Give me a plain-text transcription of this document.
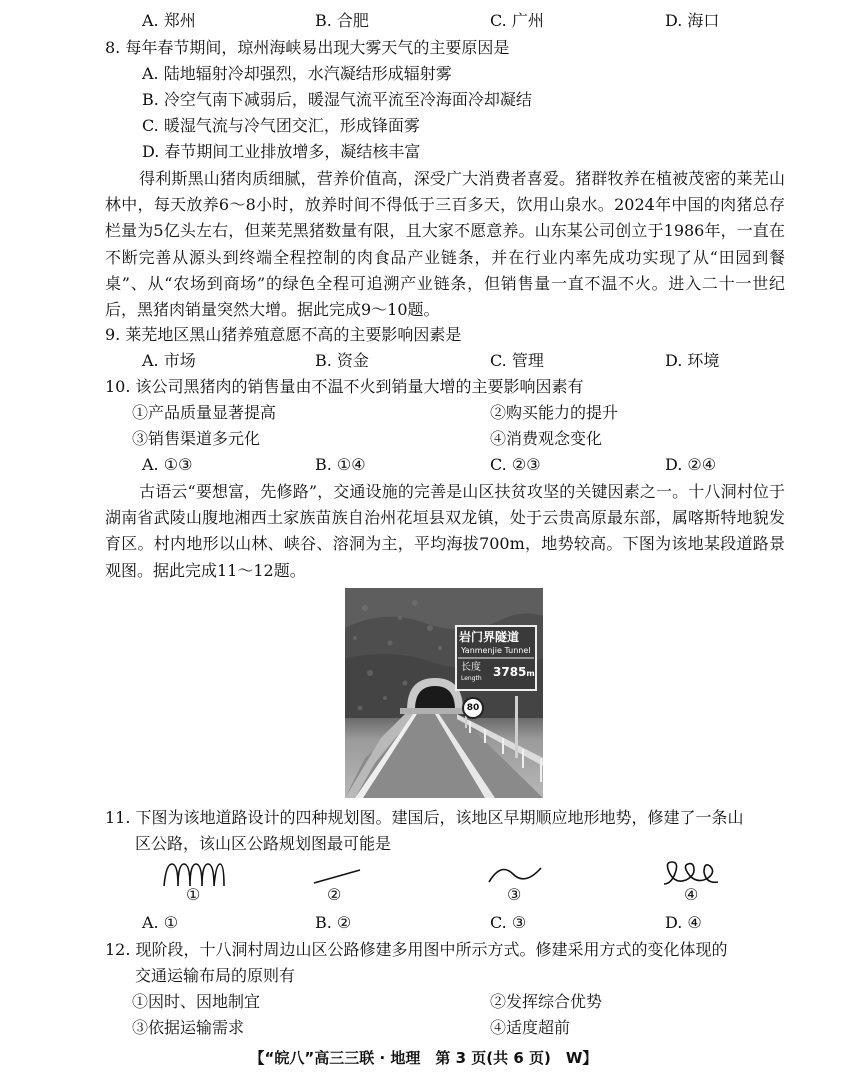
A. 郑州	B. 合肥	C. 广州	D. 海口
8. 每年春节期间，琼州海峡易出现大雾天气的主要原因是
A. 陆地辐射冷却强烈，水汽凝结形成辐射雾
B. 冷空气南下减弱后，暖湿气流平流至冷海面冷却凝结
C. 暖湿气流与冷气团交汇，形成锋面雾
D. 春节期间工业排放增多，凝结核丰富
得利斯黑山猪肉质细腻，营养价值高，深受广大消费者喜爱。猪群牧养在植被茂密的莱芜山林中，每天放养6～8小时，放养时间不得低于三百多天，饮用山泉水。2024年中国的肉猪总存栏量为5亿头左右，但莱芜黑猪数量有限，且大家不愿意养。山东某公司创立于1986年，一直在不断完善从源头到终端全程控制的肉食品产业链条，并在行业内率先成功实现了从“田园到餐桌”、从“农场到商场”的绿色全程可追溯产业链条，但销售量一直不温不火。进入二十一世纪后，黑猪肉销量突然大增。据此完成9～10题。
9. 莱芜地区黑山猪养殖意愿不高的主要影响因素是
A. 市场	B. 资金	C. 管理	D. 环境
10. 该公司黑猪肉的销售量由不温不火到销量大增的主要影响因素有
①产品质量显著提高	②购买能力的提升
③销售渠道多元化	④消费观念变化
A. ①③	B. ①④	C. ②③	D. ②④
古语云“要想富，先修路”，交通设施的完善是山区扶贫攻坚的关键因素之一。十八洞村位于湖南省武陵山腹地湘西土家族苗族自治州花垣县双龙镇，处于云贵高原最东部，属喀斯特地貌发育区。村内地形以山林、峡谷、溶洞为主，平均海拔700m，地势较高。下图为该地某段道路景观图。据此完成11～12题。
岩门界隧道
Yanmenjie Tunnel
长度
Length 3785m
80
11. 下图为该地道路设计的四种规划图。建国后，该地区早期顺应地形地势，修建了一条山
区公路，该山区公路规划图最可能是
①	②	③	④
A. ①	B. ②	C. ③	D. ④
12. 现阶段，十八洞村周边山区公路修建多用图中所示方式。修建采用方式的变化体现的
交通运输布局的原则有
①因时、因地制宜	②发挥综合优势
③依据运输需求	④适度超前
【“皖八”高三三联 · 地理　第 3 页(共 6 页)　W】
